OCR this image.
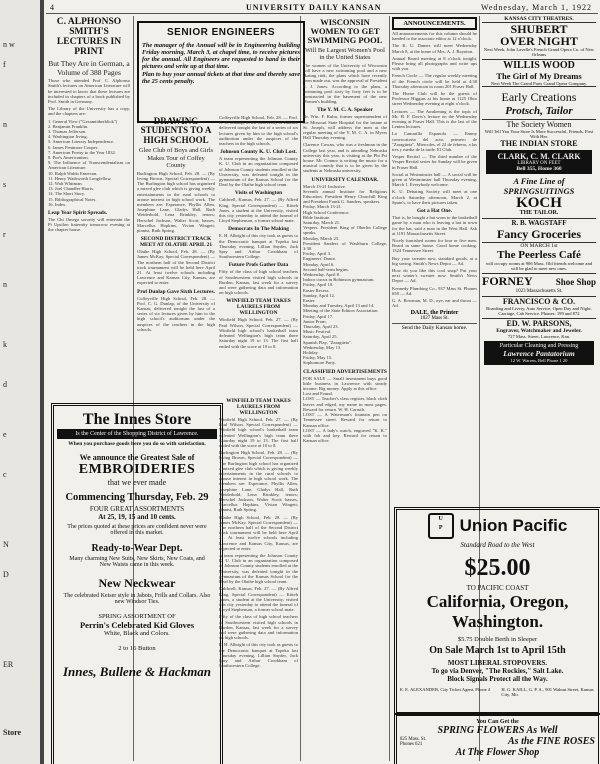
n w
f
n
s
r
n
k
d
e
c
N
D
ER
Store
4	UNIVERSITY DAILY KANSAN	Wednesday, March 1, 1922
C. ALPHONSO SMITH'S LECTURES IN PRINT
But They Are in German, a Volume of 388 Pages
Those who attended Prof. C. Alphonso Smith's lectures on American Literature will be interested to know that these lectures are included in chapters of a book published by Prof. Smith in Germany.
The Library of the University has a copy, and the chapters are:
1. General View ("Gesamtüberblick")
2. Benjamin Franklin.
3. Thomas Jefferson.
4. Washington Irving.
5. American Literary Independence.
6. James Fenimore Cooper.
7. American Poetry to the Year 1832.
8. Poe's Americanism.
9. The Influence of Transcendentalism on American Literature.
10. Ralph Waldo Emerson.
11. Henry Wadsworth Longfellow.
12. Walt Whitman.
13. Joel Chandler Harris.
14. The Short Story.
15. Bibliographical Notes.
16. Index.
Leap Year Spirit Spreads.
The Chi Omega sorority will entertain the Pi Upsilon fraternity tomorrow evening at the chapter house.
SENIOR ENGINEERS
The manager of the Annual will be in Engineering building Friday morning, March 3, at chapel time, to receive pictures for the annual. All Engineers are requested to hand in their pictures and write up at that time.
Plan to buy your annual tickets at that time and thereby save the 25 cents penalty.
DRAWING STUDENTS TO A HIGH SCHOOL
Glee Club of Boys and Girls Makes Tour of Coffey County
Burlington High School, Feb. 28. — (By Irving Brown, Special Correspondent) — The Burlington high school has organized a mixed glee club which is giving weekly entertainments in the rural schools to arouse interest in high school work. The members are: Esperance, Phyllis Allen, Josephine Lane, Gladys Hall, Ruth Weiderhold, Lena Brinkley, tenors; Herschel Jackson, Walter Scott; basses, Marcellus Hopkins, Vivian Wingett; pianist, Ruth Spring.
SECOND DISTRICT TRACK MEET AT OLATHE APRIL 21
Olathe High School, Feb. 28. — (By James McKay, Special Correspondent) — The northern half of the Second District track tournament will be held here April 21. At least twelve schools including Lawrence and Kansas City, Kansas, are expected to enter.
Prof Dunlap Gave Sixth Lectures.
Coffeyville High School, Feb. 28. — Prof. C. G. Dunlap, of the University of Kansas, delivered tonight the last of a series of six lectures given by him to the high school's auditorium under the auspices of the teachers in the high schools.
Coffeyville High School, Feb. 28. — Prof. C. G. Dunlap, of the University of Kansas, delivered tonight the last of a series of six lectures given by him to the high school's auditorium under the auspices of the teachers in the high schools.
Johnson County K. U. Club Lost.
A team representing the Johnson County K. U. Club in an organization composed of Johnson County students enrolled at the University, was defeated tonight in the gymnasium of the Kansas School for the Deaf by the Olathe high school team.
Visits of Washington
Caldwell, Kansas, Feb. 27. — (By Alfred King, Special Correspondent) — Kitteh Jones, a student at the University, visited this city yesterday to attend the funeral of Lloyd Stephenson, a former school mate.
Democrats In The Making
E. H. Albright of this city took as guests to the Democratic banquet at Topeka last Thursday evening, Lillian Snyder, Jack Spry and Arthur Crookham of Southwestern College.
Future Profs Gather Data
Fifty of the class of high school teachers of Southwestern visited high schools in Burden, Kansas, last week for a survey and were gathering data and information on high schools.
WINFIELD TEAM TAKES LAURELS FROM WELLINGTON
Winfield High School, Feb. 27. — (By Paul Wilson, Special Correspondent) — Winfield high school's basketball team defeated Wellington's high team there Saturday night 19 to 13. The first half ended with the score at 10 to 8.
The Innes Store
Is the Center of the Shopping District of Lawrence.
When you purchase goods here you do so with satisfaction.
We announce the Greatest Sale of
EMBROIDERIES
that we ever made
Commencing Thursday, Feb. 29
FOUR GREAT ASSORTMENTS
At 25, 19, 15 and 10 cents.
The prices quoted at these prices are confident never were offered in this market.
Ready-to-Wear Dept.
Many charming New Suits, New Skirts, New Coats, and New Waists came in this week.
New Neckwear
The celebrated Keiser style in Jabots, Frills and Collars. Also new Windsor Ties.
SPRING ASSORTMENT OF
Perrin's Celebrated Kid Gloves
White, Black and Colors.
2 to 16 Button
Innes, Bullene & Hackman
WINFIELD TEAM TAKES LAURELS FROM WELLINGTON
Winfield High School, Feb. 27. — (By Paul Wilson, Special Correspondent) — Winfield high school's basketball team defeated Wellington's high team there Saturday night 19 to 13. The first half ended with the score at 10 to 8.
Burlington High School, Feb. 28. — (By Irving Brown, Special Correspondent) — The Burlington high school has organized a mixed glee club which is giving weekly entertainments in the rural schools to arouse interest in high school work. The members are: Esperance, Phyllis Allen, Josephine Lane, Gladys Hall, Ruth Weiderhold, Lena Brinkley, tenors; Herschel Jackson, Walter Scott; basses, Marcellus Hopkins, Vivian Wingett; pianist, Ruth Spring.
Olathe High School, Feb. 28. — (By James McKay, Special Correspondent) — The northern half of the Second District track tournament will be held here April 21. At least twelve schools including Lawrence and Kansas City, Kansas, are expected to enter.
A team representing the Johnson County K. U. Club in an organization composed of Johnson County students enrolled at the University, was defeated tonight in the gymnasium of the Kansas School for the Deaf by the Olathe high school team.
Caldwell, Kansas, Feb. 27. — (By Alfred King, Special Correspondent) — Kitteh Jones, a student at the University, visited this city yesterday to attend the funeral of Lloyd Stephenson, a former school mate.
Fifty of the class of high school teachers of Southwestern visited high schools in Burden, Kansas, last week for a survey and were gathering data and information on high schools.
E. H. Albright of this city took as guests to the Democratic banquet at Topeka last Thursday evening, Lillian Snyder, Jack Spry and Arthur Crookham of Southwestern College.
WISCONSIN WOMEN TO GET SWIMMING POOL
Will Be Largest Women's Pool in the United States
The women of the University of Wisconsin will have a new swimming pool and a new skating rink, the plans which have recently been made out, was the approval of President E. J. Jones. According to the plans, a swimming pool sixty by forty feet is to be constructed in the basement of the new Women's building.
The Y. M. C. A. Speaker
Dr. Wm. F. Kuhn, former superintendent of the Missouri State Hospital for the insane at St. Joseph, will address the men at the regular meeting of the Y. M. C. A. in Myers Hall Thursday evening.
Clarence Cowan, who was a freshman in the College last year, and is attending Nebraska university this year, is visiting at the Phi Psi house. Mr. Connor is writing the music for a musical comedy that is to be given by the students at Nebraska university.
UNIVERSITY CALENDAR.
March 13-21 Inclusive.
Seventh annual Institute for Religious Education. President Henry Churchill King and President Frank G. Sanders, speakers.
Friday, March 13-21.
High School Conference.
Bible Institute.
Saturday, March 21.
Vespers. President King of Oberlin College speaks.
Monday, March 23.
President Sanders of Washburn College, 3:30.
Friday, April 3.
Engineers' Dance.
Monday, April 6.
Second half-term begins.
Wednesday, April 8.
Indoor circus in Robinson gymnasium.
Friday, April 10.
Easter Recess.
Sunday, April 12.
Easter.
Monday and Tuesday, April 13 and 14.
Meeting of the State Editors Association.
Friday, April 17.
Junior Prom.
Thursday, April 23.
Music Festival.
Saturday, April 25.
Spanish Play, "Zaragüeta".
Wednesday, May 13.
Holiday.
Friday, May 15.
Sophomore Party.
CLASSIFIED ADVERTISEMENTS
FOR SALE — Small investment buys good little business in Lawrence with steady income. Big money. Apply at this office.
Lost and Found.
LOST — Teacher's class register, black cloth leaves and edged, my name in most pages. Reward for return. W. H. Carruth.
LOST — A Waterman's fountain pen on Tennessee street. Reward for return to Kansan office.
LOST — A lady's watch, engraved "K. K." with fob and key. Reward for return to Kansan office.
ANNOUNCEMENTS.
All announcements for this column should be handed to the associate editor at 12 o'clock.
The K. U. Dames will meet Wednesday March 8, at the home of Mrs. A. J. Boynton.
Annual Board meeting at 8 o'clock tonight. Please bring all photographs and write ups with you.
French Circle — The regular weekly meeting of the French circle will be held at 4:30 Thursday afternoon in room 201 Fraser Hall.
The Home Club will be the guests of Professor Higgins at his home at 1125 Ohio street Wednesday evening at eight o'clock.
Lectures — The Awakening is the topic of Mr. H. F. Davis's lecture on the Wednesday evening at Fraser Hall. This is the last of the Lenten lectures.
La Camarilla Espanola — Emmy convocatoria del acto, primero de "Zaragüeta", Miercoles, el 22 de febrero, a las tres y media de la tarde. El Club.
Vesper Recital — The third number of the Vesper Recital series for Sunday will be given in Fraser Hall.
Social at Westminster hall — A social will be given at Westminster hall Thursday evening, March 1. Everybody welcome.
K. U. Debating Society will meet at one o'clock Saturday afternoon, March 2, at Spain's, to have their pictures taken.
Got a Hat One.
That is, he bought a hat worn to the basketball game by a man who is leaving a hat in town for the hat, said a man in the West Hall. Ask at 1191 Massachusetts Street.
Nicely furnished rooms for four or five men. Board in same house. Good home cooking. 1324 Tennessee Street.
Buy your sweater now, standard goods, at a big saving. Smith's News Depot — Ad.
How do you like this cool snap? Put your next winter's sweater now. Smith's News Depot — Ad.
Kennedy Plumbing Co., 937 Mass St. Phones 658 — Ad.
G. A. Bowman, M. D., eye, ear and throat — Ad.
DALE, the Printer
1027 Mass St.
Send the Daily Kansan home.
U
P	Union Pacific
Standard Road to the West
$25.00
TO PACIFIC COAST
California, Oregon,
Washington.
$5.75 Double Berth in Sleeper
On Sale March 1st to April 15th
MOST LIBERAL STOPOVERS.
To go via Denver, "The Rockies," Salt Lake.
Block Signals Protect all the Way.
E. E. ALEXANDER, City Ticket Agent, Phone 4	H. G. KAILL, G. P. A., 901 Walnut Street, Kansas City, Mo.
You Can Get the
SPRING FLOWERS As Well
825 Mass. St. Phones 621	As the FINE ROSES
At The Flower Shop
KANSAS CITY THEATRES.
SHUBERT
OVER NIGHT
Next Week, John Lavelle's French Grand Opera Co. of New Orleans
WILLIS WOOD
The Girl of My Dreams
Next Week The Grand Paris Grand Opera Company.
Early Creations
Protsch, Tailor
The Society Women
Will Tell You Your Store Is More Successful, Friends, First With Her.
THE INDIAN STORE
CLARK, C. M. CLARK
LIBRARY ON FEET
Bell 355, Home 360
A Fine Line of SPRINGSUITINGS
KOCH
THE TAILOR.
R. B. WAGSTAFF
Fancy Groceries
ON MARCH 1st
The Peerless Café
will occupy rooms at 906 Mass. Old friends welcome and will be glad to meet new ones.
FORNEY	Shoe Shop
1023 Massachusetts St.
FRANCISCO & CO.
Boarding and Livery, Auto Service, Open Day and Night. Carriage, Cab Service. Phones: 199 and 872
ED. W. PARSONS,
Engraver, Watchmaker and Jeweler.
727 Mass. Street, Lawrence, Kan.
Particular Cleaning and Pressing
Lawrence Pantatorium
12 W. Warren, Bell Phone 1 20
